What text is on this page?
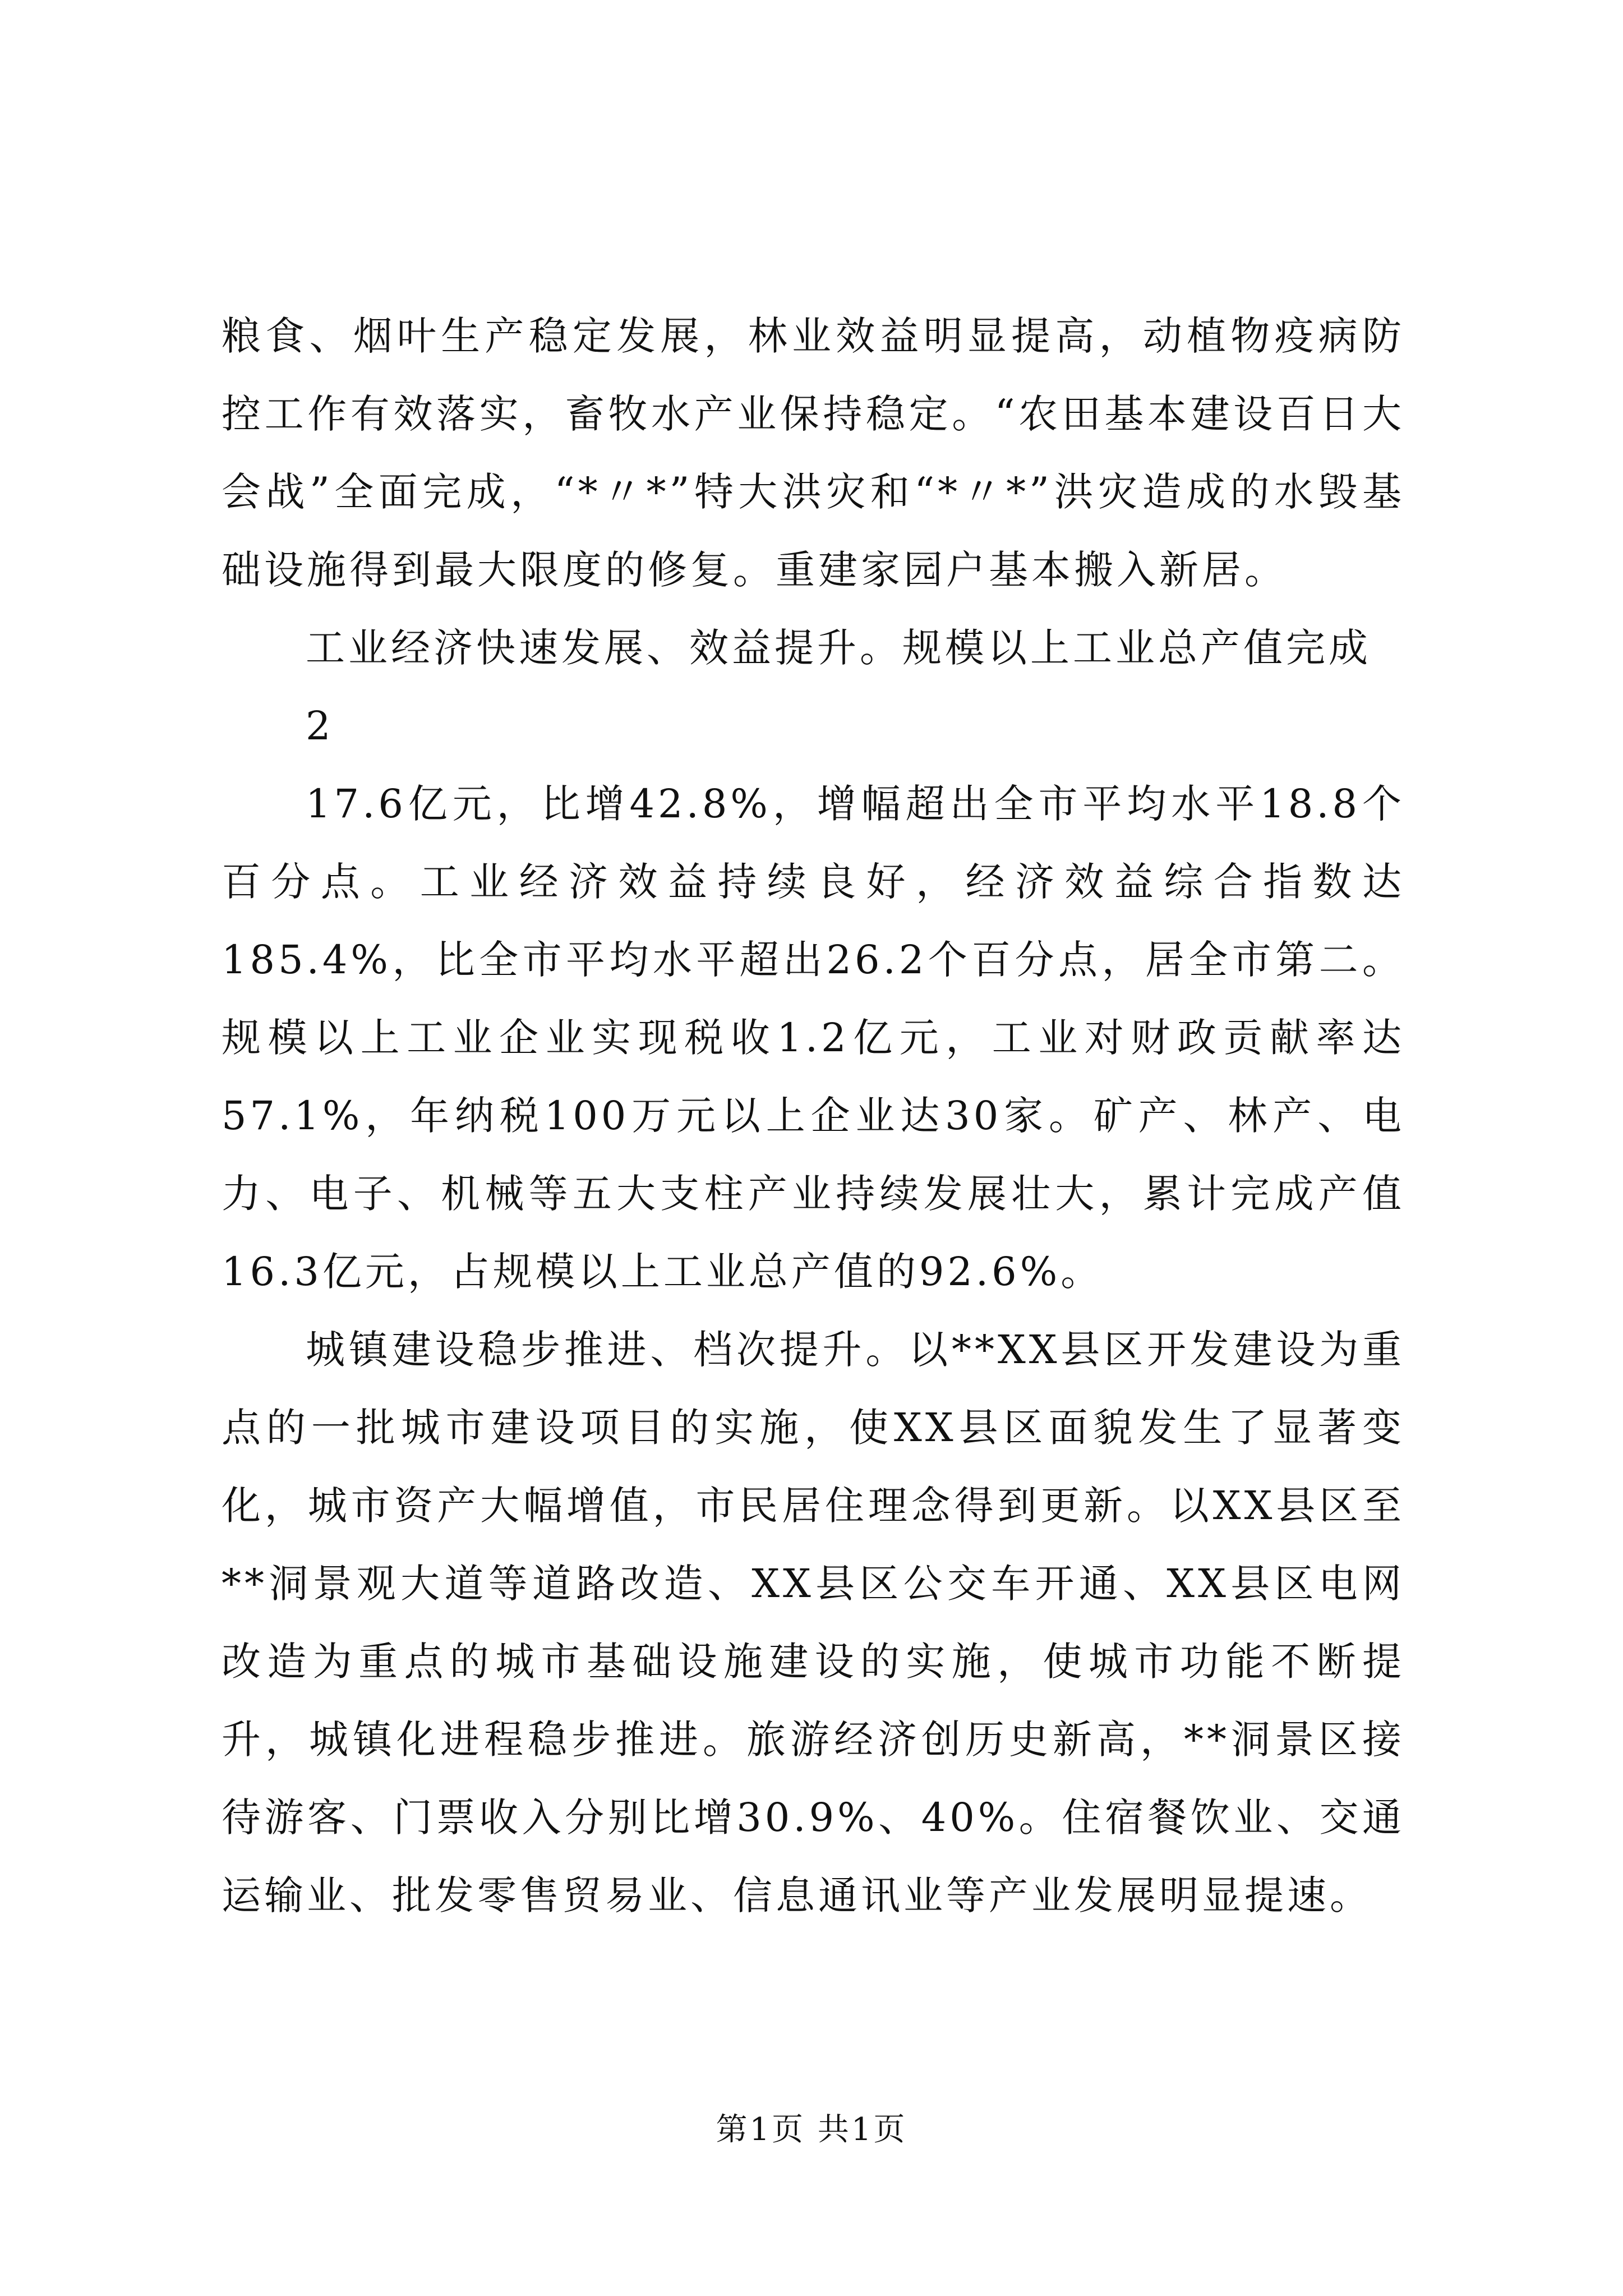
粮食、烟叶生产稳定发展，林业效益明显提高，动植物疫病防控工作有效落实，畜牧水产业保持稳定。“农田基本建设百日大会战”全面完成，“*〃*”特大洪灾和“*〃*”洪灾造成的水毁基础设施得到最大限度的修复。重建家园户基本搬入新居。

工业经济快速发展、效益提升。规模以上工业总产值完成

2

17.6亿元，比增42.8%，增幅超出全市平均水平18.8个百分点。工业经济效益持续良好，经济效益综合指数达185.4%，比全市平均水平超出26.2个百分点，居全市第二。规模以上工业企业实现税收1.2亿元，工业对财政贡献率达57.1%，年纳税100万元以上企业达30家。矿产、林产、电力、电子、机械等五大支柱产业持续发展壮大，累计完成产值16.3亿元，占规模以上工业总产值的92.6%。

城镇建设稳步推进、档次提升。以**XX县区开发建设为重点的一批城市建设项目的实施，使XX县区面貌发生了显著变化，城市资产大幅增值，市民居住理念得到更新。以XX县区至**洞景观大道等道路改造、XX县区公交车开通、XX县区电网改造为重点的城市基础设施建设的实施，使城市功能不断提升，城镇化进程稳步推进。旅游经济创历史新高，**洞景区接待游客、门票收入分别比增30.9%、40%。住宿餐饮业、交通运输业、批发零售贸易业、信息通讯业等产业发展明显提速。

第1页 共1页
